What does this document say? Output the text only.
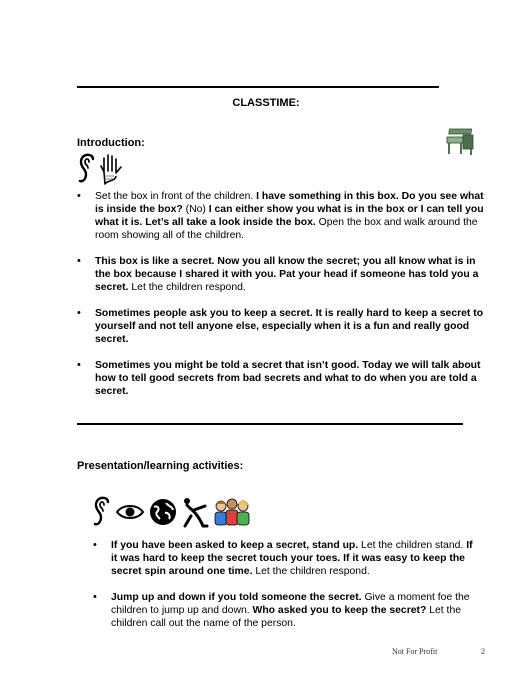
CLASSTIME:
Introduction:
• Set the box in front of the children. I have something in this box. Do you see what is inside the box? (No) I can either show you what is in the box or I can tell you what it is. Let’s all take a look inside the box. Open the box and walk around the room showing all of the children.
• This box is like a secret. Now you all know the secret; you all know what is in the box because I shared it with you. Pat your head if someone has told you a secret. Let the children respond.
• Sometimes people ask you to keep a secret. It is really hard to keep a secret to yourself and not tell anyone else, especially when it is a fun and really good secret.
• Sometimes you might be told a secret that isn’t good. Today we will talk about how to tell good secrets from bad secrets and what to do when you are told a secret.
Presentation/learning activities:
• If you have been asked to keep a secret, stand up. Let the children stand. If it was hard to keep the secret touch your toes. If it was easy to keep the secret spin around one time. Let the children respond.
• Jump up and down if you told someone the secret. Give a moment foe the children to jump up and down. Who asked you to keep the secret? Let the children call out the name of the person.
Not For Profit	2
